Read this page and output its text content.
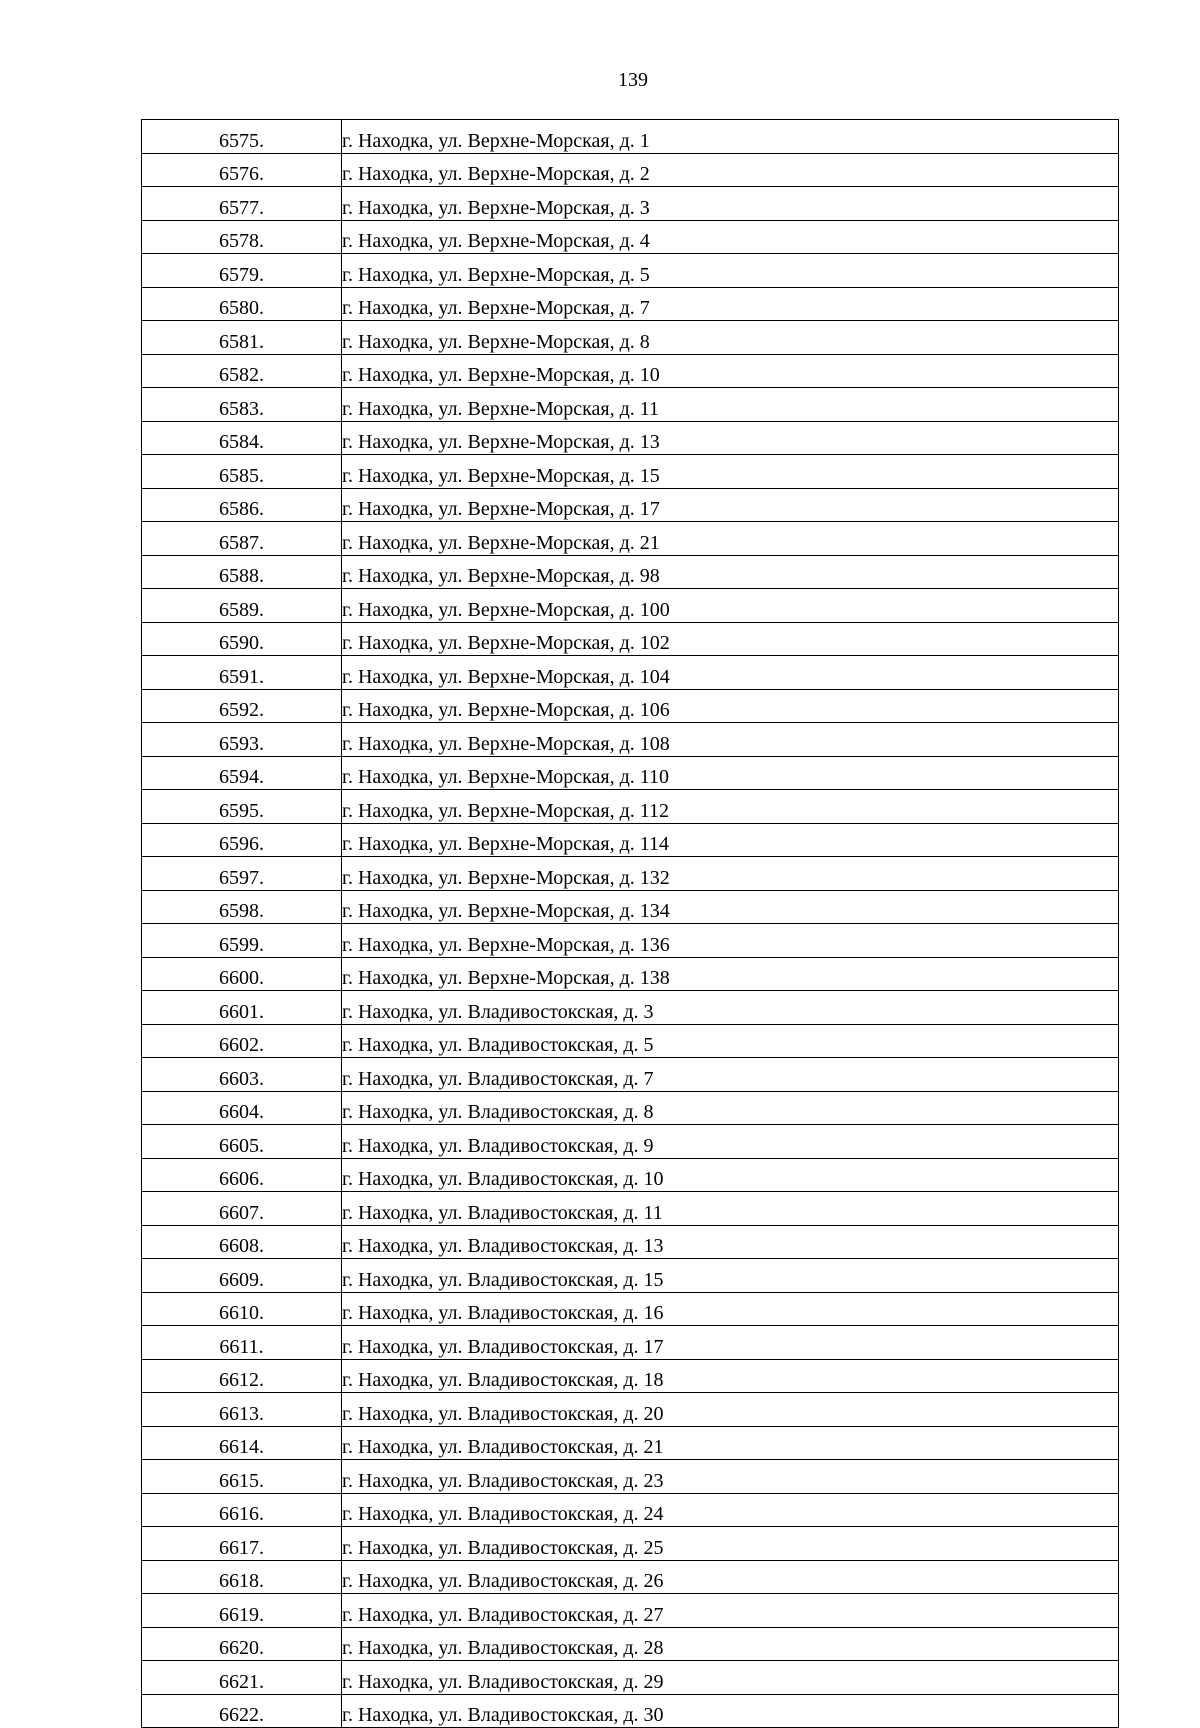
139
6575.	г. Находка, ул. Верхне-Морская, д. 1
6576.	г. Находка, ул. Верхне-Морская, д. 2
6577.	г. Находка, ул. Верхне-Морская, д. 3
6578.	г. Находка, ул. Верхне-Морская, д. 4
6579.	г. Находка, ул. Верхне-Морская, д. 5
6580.	г. Находка, ул. Верхне-Морская, д. 7
6581.	г. Находка, ул. Верхне-Морская, д. 8
6582.	г. Находка, ул. Верхне-Морская, д. 10
6583.	г. Находка, ул. Верхне-Морская, д. 11
6584.	г. Находка, ул. Верхне-Морская, д. 13
6585.	г. Находка, ул. Верхне-Морская, д. 15
6586.	г. Находка, ул. Верхне-Морская, д. 17
6587.	г. Находка, ул. Верхне-Морская, д. 21
6588.	г. Находка, ул. Верхне-Морская, д. 98
6589.	г. Находка, ул. Верхне-Морская, д. 100
6590.	г. Находка, ул. Верхне-Морская, д. 102
6591.	г. Находка, ул. Верхне-Морская, д. 104
6592.	г. Находка, ул. Верхне-Морская, д. 106
6593.	г. Находка, ул. Верхне-Морская, д. 108
6594.	г. Находка, ул. Верхне-Морская, д. 110
6595.	г. Находка, ул. Верхне-Морская, д. 112
6596.	г. Находка, ул. Верхне-Морская, д. 114
6597.	г. Находка, ул. Верхне-Морская, д. 132
6598.	г. Находка, ул. Верхне-Морская, д. 134
6599.	г. Находка, ул. Верхне-Морская, д. 136
6600.	г. Находка, ул. Верхне-Морская, д. 138
6601.	г. Находка, ул. Владивостокская, д. 3
6602.	г. Находка, ул. Владивостокская, д. 5
6603.	г. Находка, ул. Владивостокская, д. 7
6604.	г. Находка, ул. Владивостокская, д. 8
6605.	г. Находка, ул. Владивостокская, д. 9
6606.	г. Находка, ул. Владивостокская, д. 10
6607.	г. Находка, ул. Владивостокская, д. 11
6608.	г. Находка, ул. Владивостокская, д. 13
6609.	г. Находка, ул. Владивостокская, д. 15
6610.	г. Находка, ул. Владивостокская, д. 16
6611.	г. Находка, ул. Владивостокская, д. 17
6612.	г. Находка, ул. Владивостокская, д. 18
6613.	г. Находка, ул. Владивостокская, д. 20
6614.	г. Находка, ул. Владивостокская, д. 21
6615.	г. Находка, ул. Владивостокская, д. 23
6616.	г. Находка, ул. Владивостокская, д. 24
6617.	г. Находка, ул. Владивостокская, д. 25
6618.	г. Находка, ул. Владивостокская, д. 26
6619.	г. Находка, ул. Владивостокская, д. 27
6620.	г. Находка, ул. Владивостокская, д. 28
6621.	г. Находка, ул. Владивостокская, д. 29
6622.	г. Находка, ул. Владивостокская, д. 30
